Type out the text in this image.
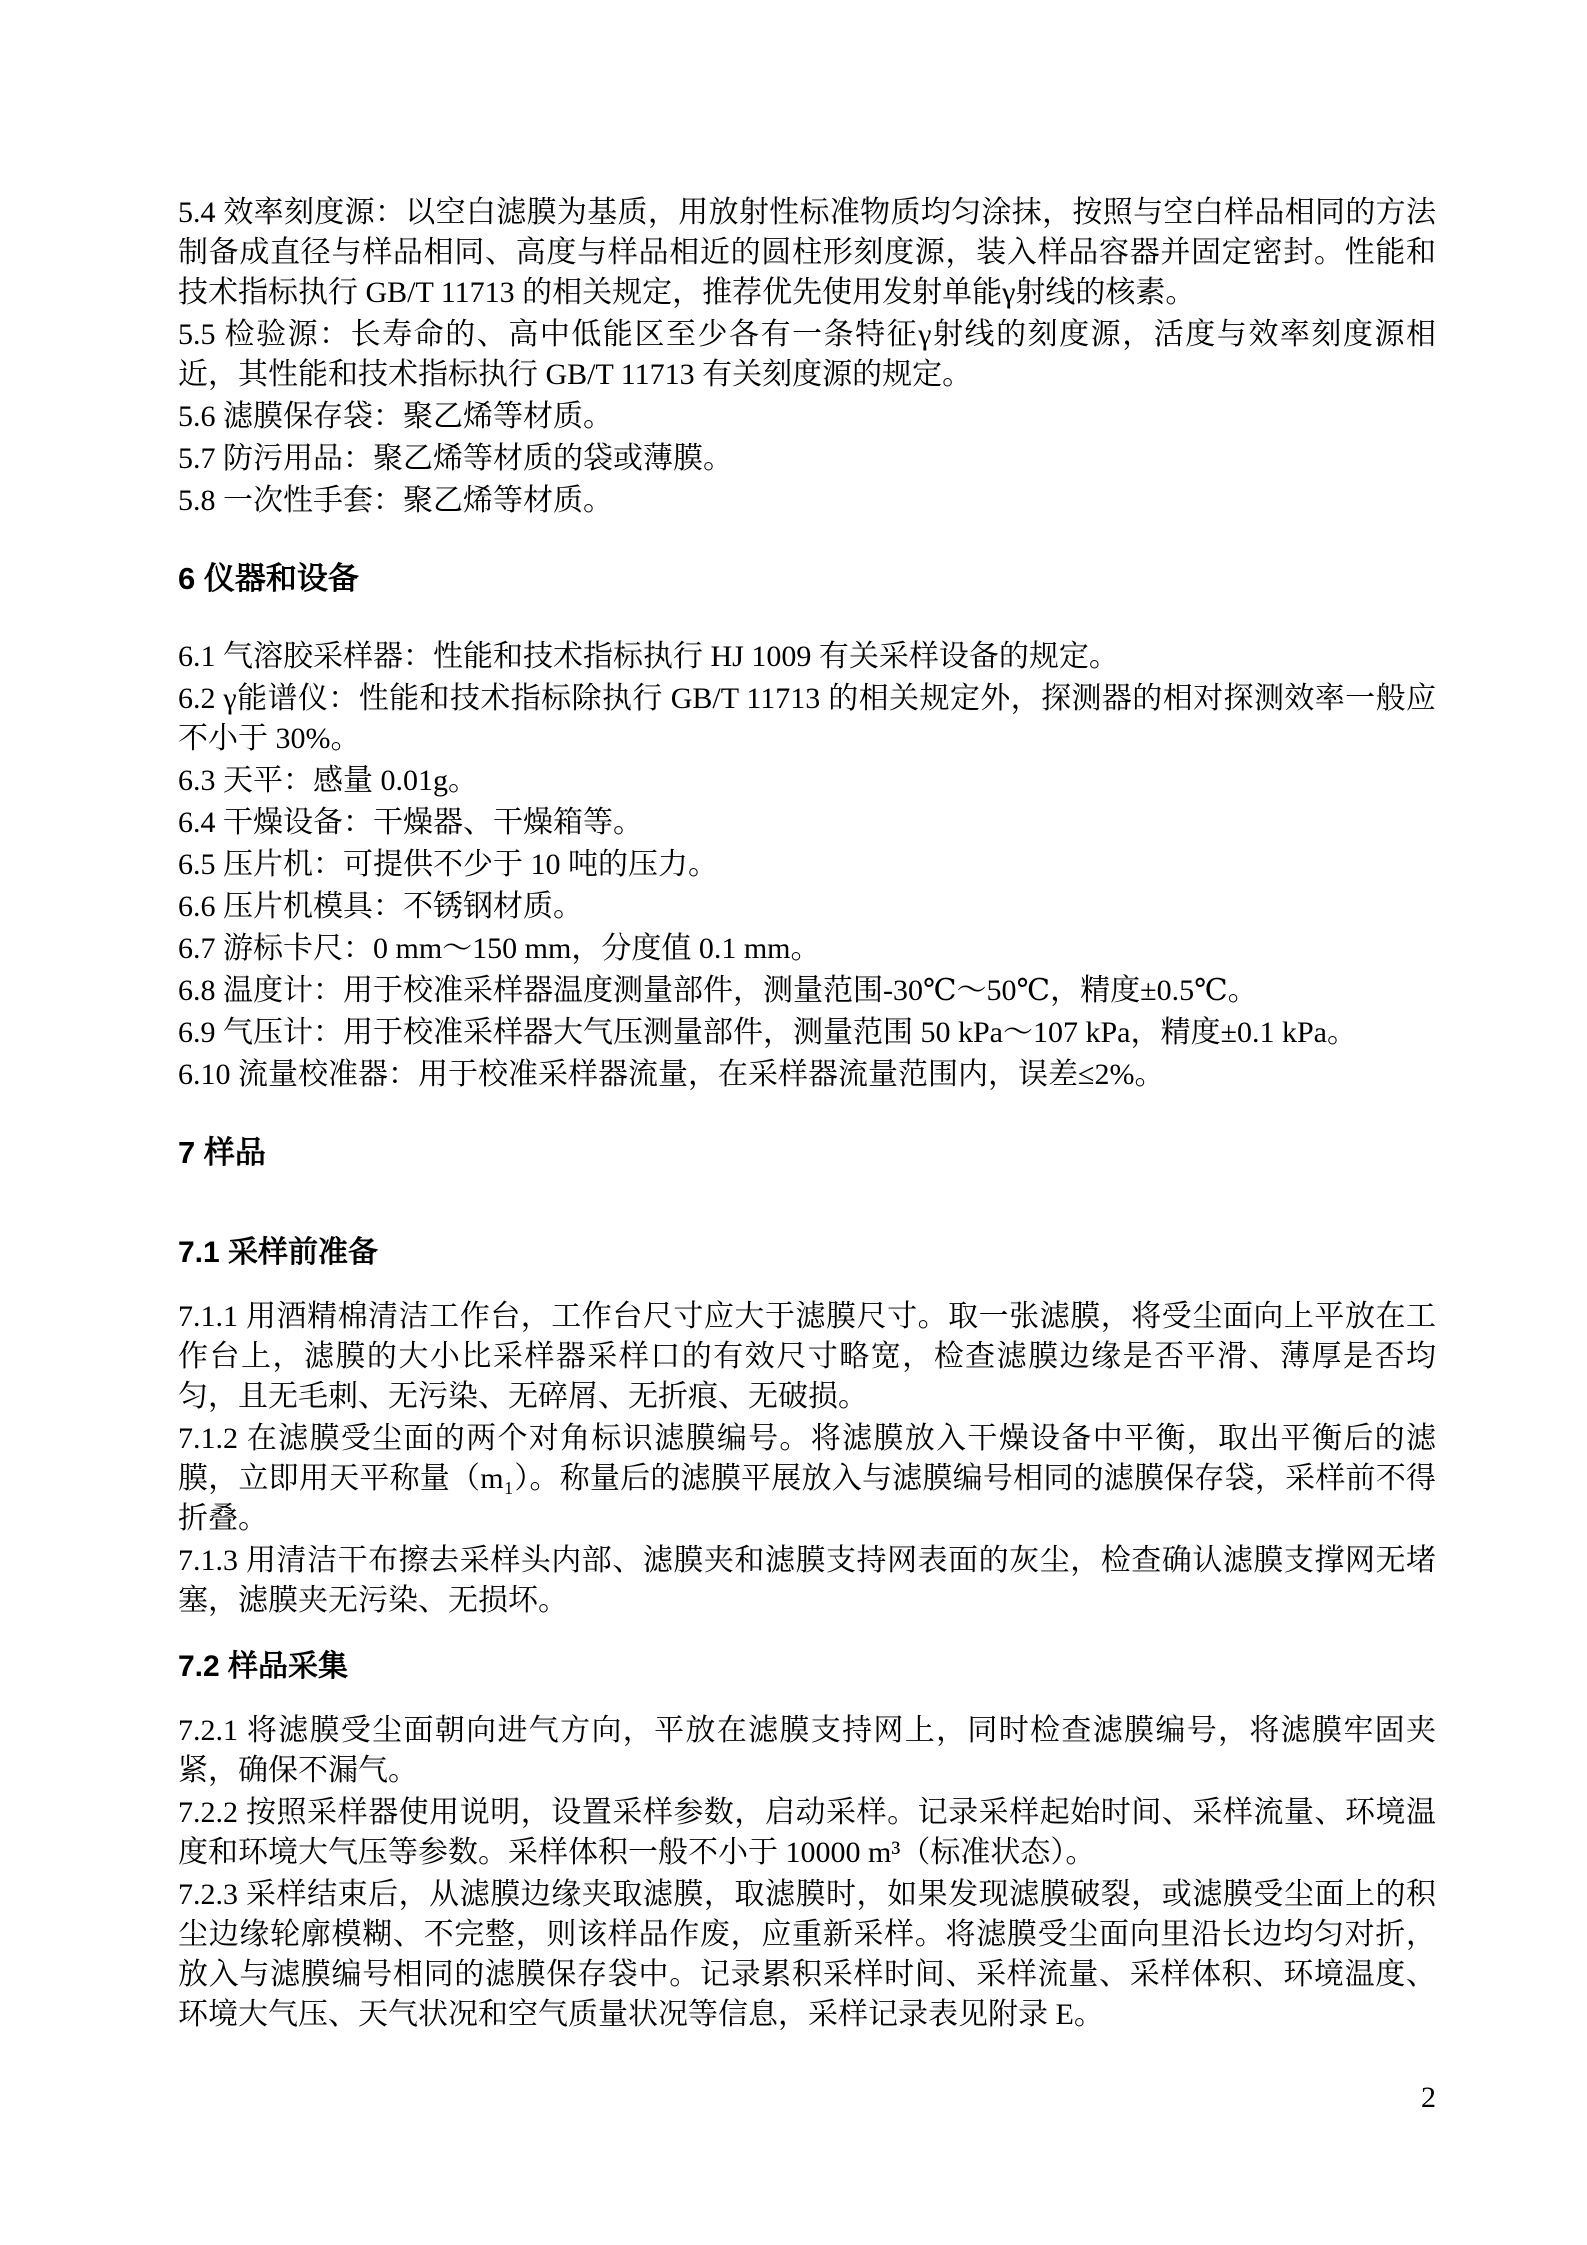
5.4 效率刻度源：以空白滤膜为基质，用放射性标准物质均匀涂抹，按照与空白样品相同的方法制备成直径与样品相同、高度与样品相近的圆柱形刻度源，装入样品容器并固定密封。性能和技术指标执行 GB/T 11713 的相关规定，推荐优先使用发射单能γ射线的核素。

5.5 检验源：长寿命的、高中低能区至少各有一条特征γ射线的刻度源，活度与效率刻度源相近，其性能和技术指标执行 GB/T 11713 有关刻度源的规定。

5.6 滤膜保存袋：聚乙烯等材质。

5.7 防污用品：聚乙烯等材质的袋或薄膜。

5.8 一次性手套：聚乙烯等材质。

6 仪器和设备

6.1 气溶胶采样器：性能和技术指标执行 HJ 1009 有关采样设备的规定。

6.2 γ能谱仪：性能和技术指标除执行 GB/T 11713 的相关规定外，探测器的相对探测效率一般应不小于 30%。

6.3 天平：感量 0.01g。

6.4 干燥设备：干燥器、干燥箱等。

6.5 压片机：可提供不少于 10 吨的压力。

6.6 压片机模具：不锈钢材质。

6.7 游标卡尺：0 mm～150 mm，分度值 0.1 mm。

6.8 温度计：用于校准采样器温度测量部件，测量范围-30℃～50℃，精度±0.5℃。

6.9 气压计：用于校准采样器大气压测量部件，测量范围 50 kPa～107 kPa，精度±0.1 kPa。

6.10 流量校准器：用于校准采样器流量，在采样器流量范围内，误差≤2%。

7 样品
7.1 采样前准备

7.1.1 用酒精棉清洁工作台，工作台尺寸应大于滤膜尺寸。取一张滤膜，将受尘面向上平放在工作台上，滤膜的大小比采样器采样口的有效尺寸略宽，检查滤膜边缘是否平滑、薄厚是否均匀，且无毛刺、无污染、无碎屑、无折痕、无破损。

7.1.2 在滤膜受尘面的两个对角标识滤膜编号。将滤膜放入干燥设备中平衡，取出平衡后的滤膜，立即用天平称量（m₁）。称量后的滤膜平展放入与滤膜编号相同的滤膜保存袋，采样前不得折叠。

7.1.3 用清洁干布擦去采样头内部、滤膜夹和滤膜支持网表面的灰尘，检查确认滤膜支撑网无堵塞，滤膜夹无污染、无损坏。

7.2 样品采集

7.2.1 将滤膜受尘面朝向进气方向，平放在滤膜支持网上，同时检查滤膜编号，将滤膜牢固夹紧，确保不漏气。

7.2.2 按照采样器使用说明，设置采样参数，启动采样。记录采样起始时间、采样流量、环境温度和环境大气压等参数。采样体积一般不小于 10000 m³（标准状态）。

7.2.3 采样结束后，从滤膜边缘夹取滤膜，取滤膜时，如果发现滤膜破裂，或滤膜受尘面上的积尘边缘轮廓模糊、不完整，则该样品作废，应重新采样。将滤膜受尘面向里沿长边均匀对折，放入与滤膜编号相同的滤膜保存袋中。记录累积采样时间、采样流量、采样体积、环境温度、环境大气压、天气状况和空气质量状况等信息，采样记录表见附录 E。

2
